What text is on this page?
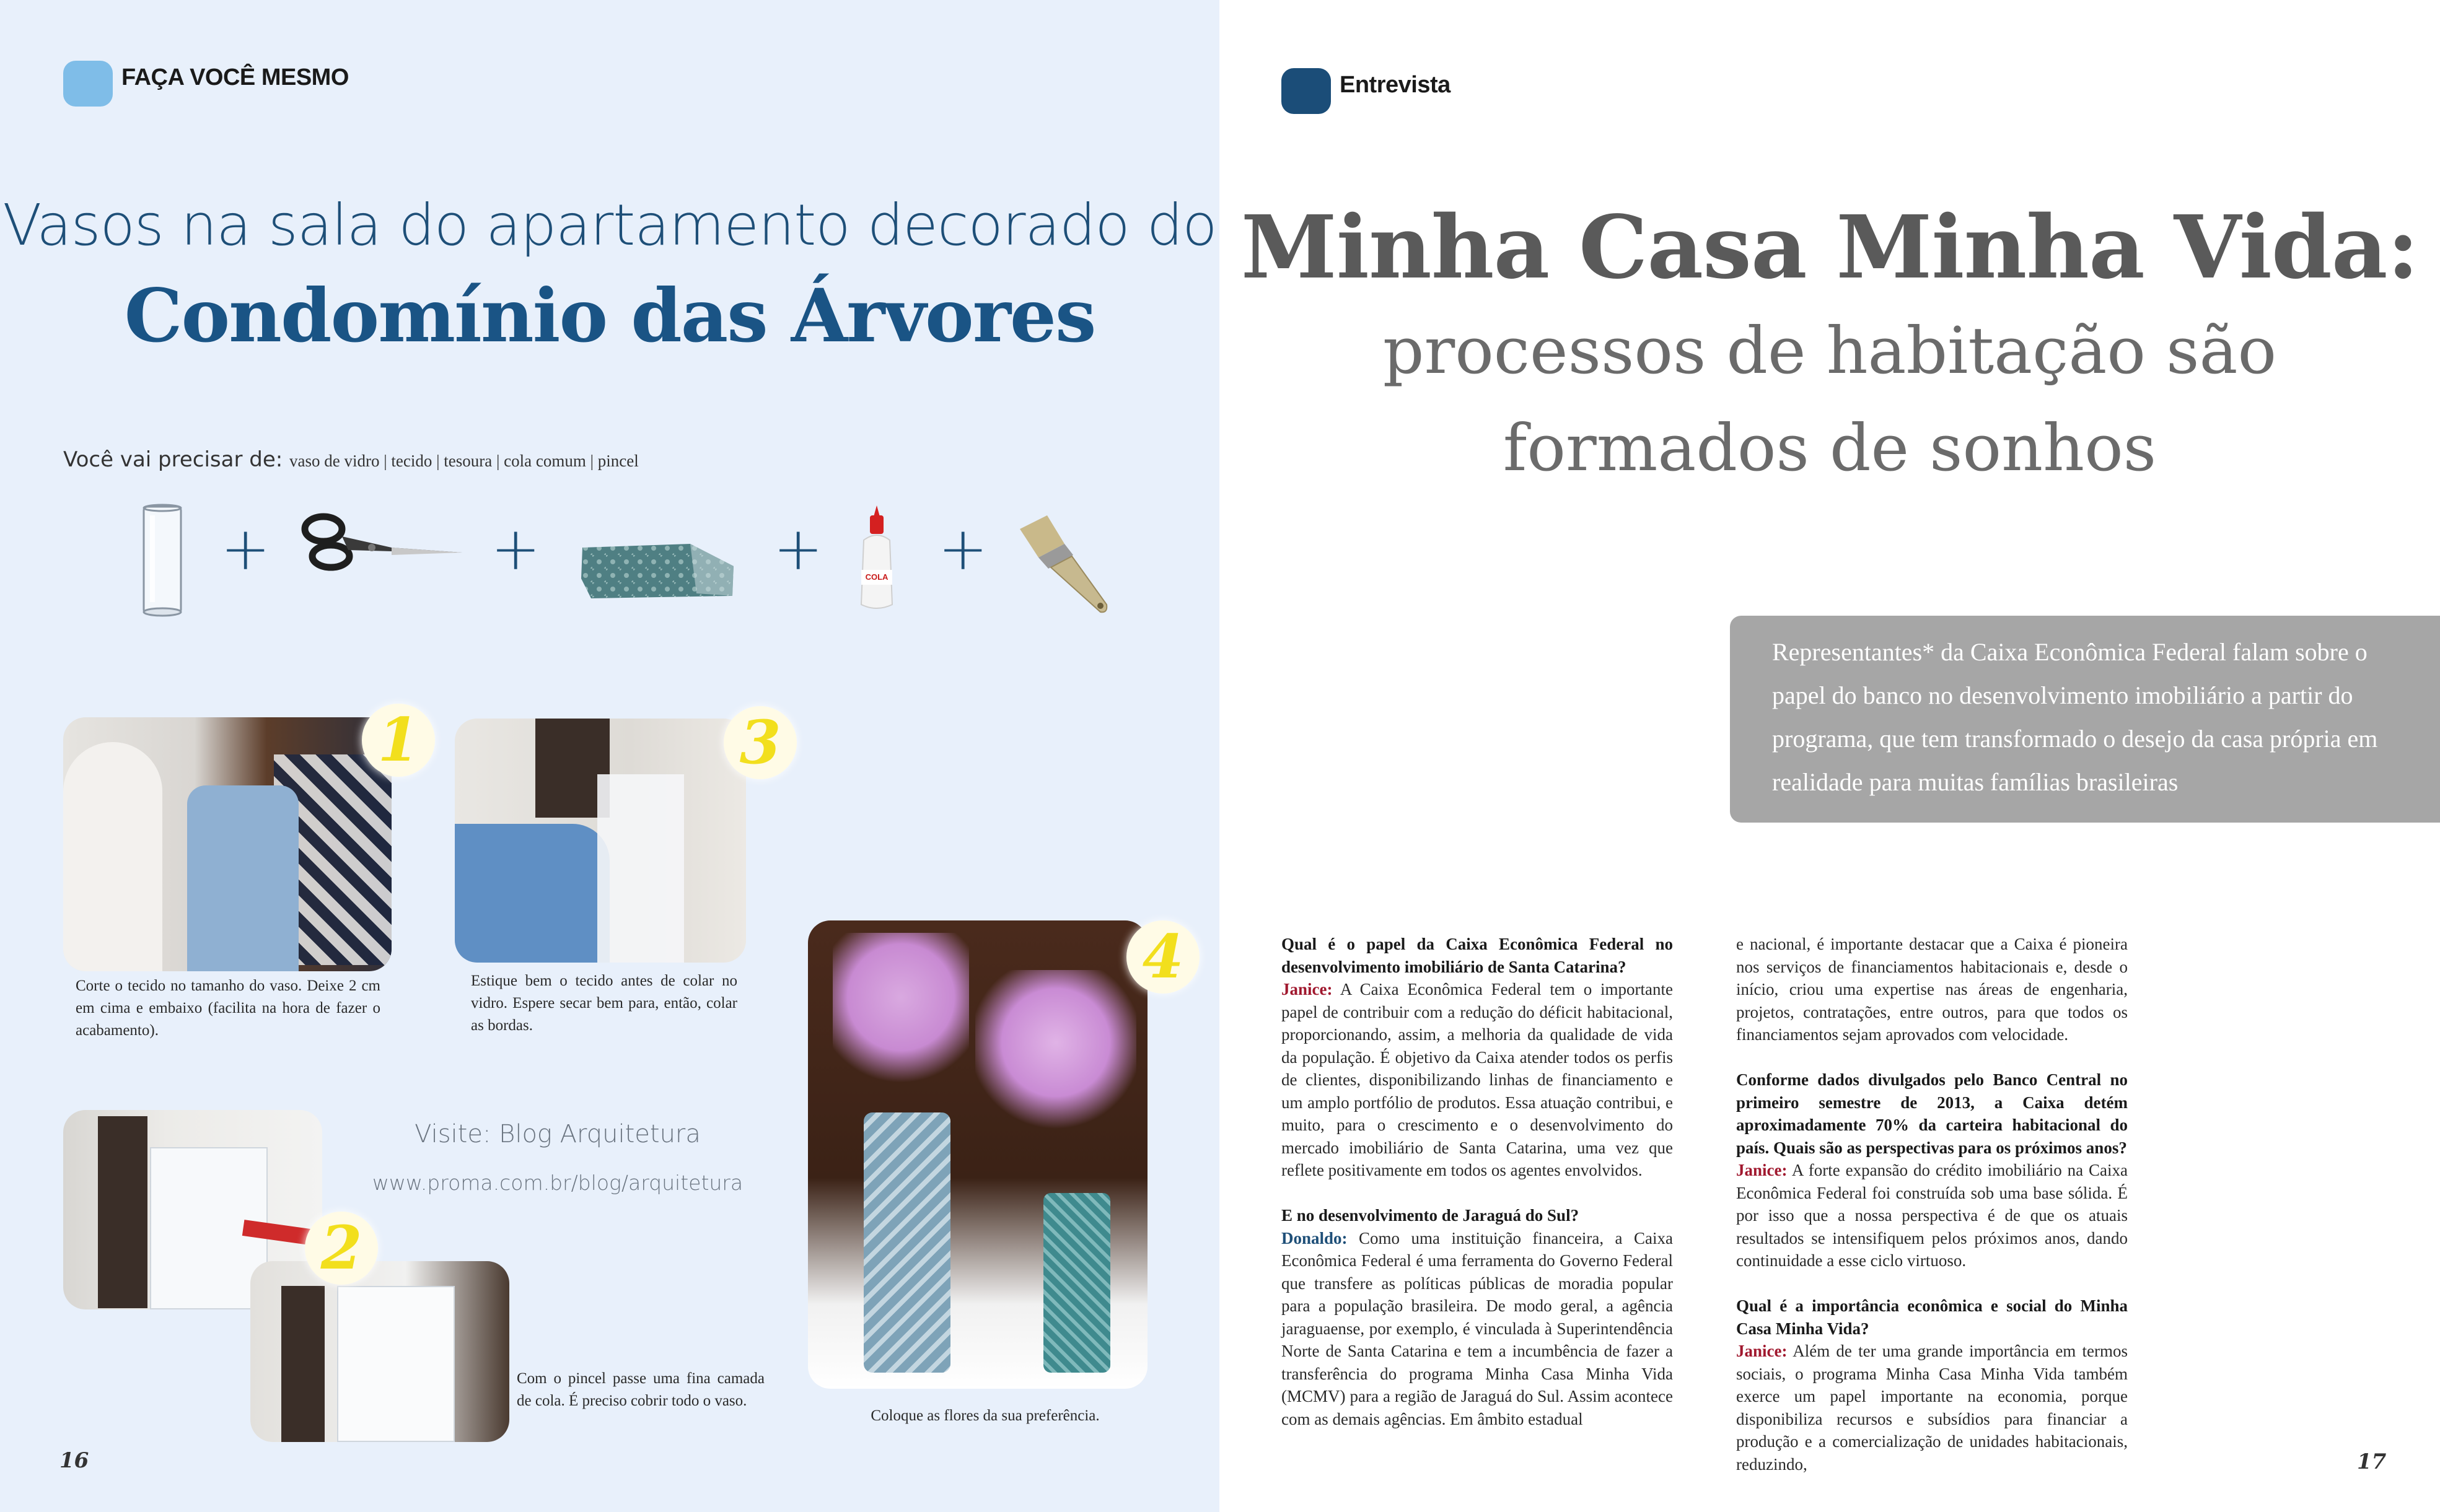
FAÇA VOCÊ MESMO
Vasos na sala do apartamento decorado do
Condomínio das Árvores
Você vai precisar de: vaso de vidro | tecido | tesoura | cola comum | pincel
+	+	+	COLA +
1
Corte o tecido no tamanho do vaso. Deixe 2 cm em cima e embaixo (facilita na hora de fazer o acabamento).
3
Estique bem o tecido antes de colar no vidro. Espere secar bem para, então, colar as bordas.
4
Coloque as flores da sua preferência.
Visite: Blog Arquitetura
www.proma.com.br/blog/arquitetura
2
Com o pincel passe uma fina camada de cola. É preciso cobrir todo o vaso.
16
Entrevista
Minha Casa Minha Vida:
processos de habitação são
formados de sonhos
Representantes* da Caixa Econômica Federal falam sobre o papel do banco no desenvolvimento imobiliário a partir do programa, que tem transformado o desejo da casa própria em realidade para muitas famílias brasileiras

Qual é o papel da Caixa Econômica Federal no desenvolvimento imobiliário de Santa Catarina?
Janice: A Caixa Econômica Federal tem o importante papel de contribuir com a redução do déficit habitacional, proporcionando, assim, a melhoria da qualidade de vida da população. É objetivo da Caixa atender todos os perfis de clientes, disponibilizando linhas de financiamento e um amplo portfólio de produtos. Essa atuação contribui, e muito, para o crescimento e o desenvolvimento do mercado imobiliário de Santa Catarina, uma vez que reflete positivamente em todos os agentes envolvidos.

E no desenvolvimento de Jaraguá do Sul?
Donaldo: Como uma instituição financeira, a Caixa Econômica Federal é uma ferramenta do Governo Federal que transfere as políticas públicas de moradia popular para a população brasileira. De modo geral, a agência jaraguaense, por exemplo, é vinculada à Superintendência Norte de Santa Catarina e tem a incumbência de fazer a transferência do programa Minha Casa Minha Vida (MCMV) para a região de Jaraguá do Sul. Assim acontece com as demais agências. Em âmbito estadual

e nacional, é importante destacar que a Caixa é pioneira nos serviços de financiamentos habitacionais e, desde o início, criou uma expertise nas áreas de engenharia, projetos, contratações, entre outros, para que todos os financiamentos sejam aprovados com velocidade.

Conforme dados divulgados pelo Banco Central no primeiro semestre de 2013, a Caixa detém aproximadamente 70% da carteira habitacional do país. Quais são as perspectivas para os próximos anos?
Janice: A forte expansão do crédito imobiliário na Caixa Econômica Federal foi construída sob uma base sólida. É por isso que a nossa perspectiva é de que os atuais resultados se intensifiquem pelos próximos anos, dando continuidade a esse ciclo virtuoso.

Qual é a importância econômica e social do Minha Casa Minha Vida?
Janice: Além de ter uma grande importância em termos sociais, o programa Minha Casa Minha Vida também exerce um papel importante na economia, porque disponibiliza recursos e subsídios para financiar a produção e a comercialização de unidades habitacionais, reduzindo,	17
